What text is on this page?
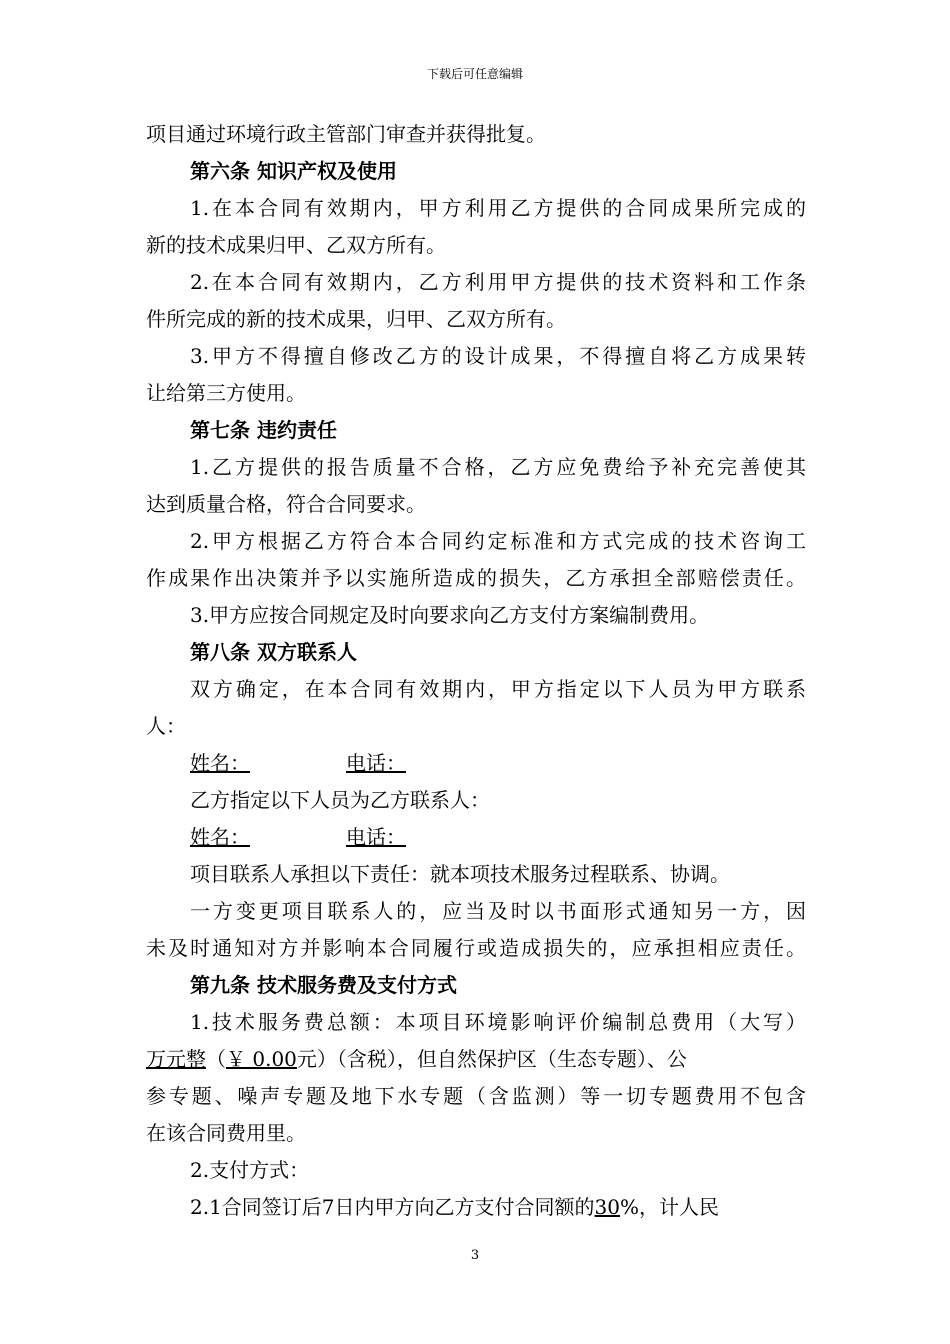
下载后可任意编辑
项目通过环境行政主管部门审查并获得批复。
第六条 知识产权及使用
1.在本合同有效期内，甲方利用乙方提供的合同成果所完成的
新的技术成果归甲、乙双方所有。
2.在本合同有效期内，乙方利用甲方提供的技术资料和工作条
件所完成的新的技术成果，归甲、乙双方所有。
3.甲方不得擅自修改乙方的设计成果，不得擅自将乙方成果转
让给第三方使用。
第七条 违约责任
1.乙方提供的报告质量不合格，乙方应免费给予补充完善使其
达到质量合格，符合合同要求。
2.甲方根据乙方符合本合同约定标准和方式完成的技术咨询工
作成果作出决策并予以实施所造成的损失，乙方承担全部赔偿责任。
3.甲方应按合同规定及时向要求向乙方支付方案编制费用。
第八条 双方联系人
双方确定，在本合同有效期内，甲方指定以下人员为甲方联系
人：
姓名：	电话：
乙方指定以下人员为乙方联系人：
姓名：	电话：
项目联系人承担以下责任：就本项技术服务过程联系、协调。
一方变更项目联系人的，应当及时以书面形式通知另一方，因
未及时通知对方并影响本合同履行或造成损失的，应承担相应责任。
第九条 技术服务费及支付方式
1.技术服务费总额：本项目环境影响评价编制总费用（大写）
万元整（￥ 0.00元）（含税），但自然保护区（生态专题）、公
参专题、噪声专题及地下水专题（含监测）等一切专题费用不包含
在该合同费用里。
2.支付方式：
2.1合同签订后7日内甲方向乙方支付合同额的30%，计人民
3
